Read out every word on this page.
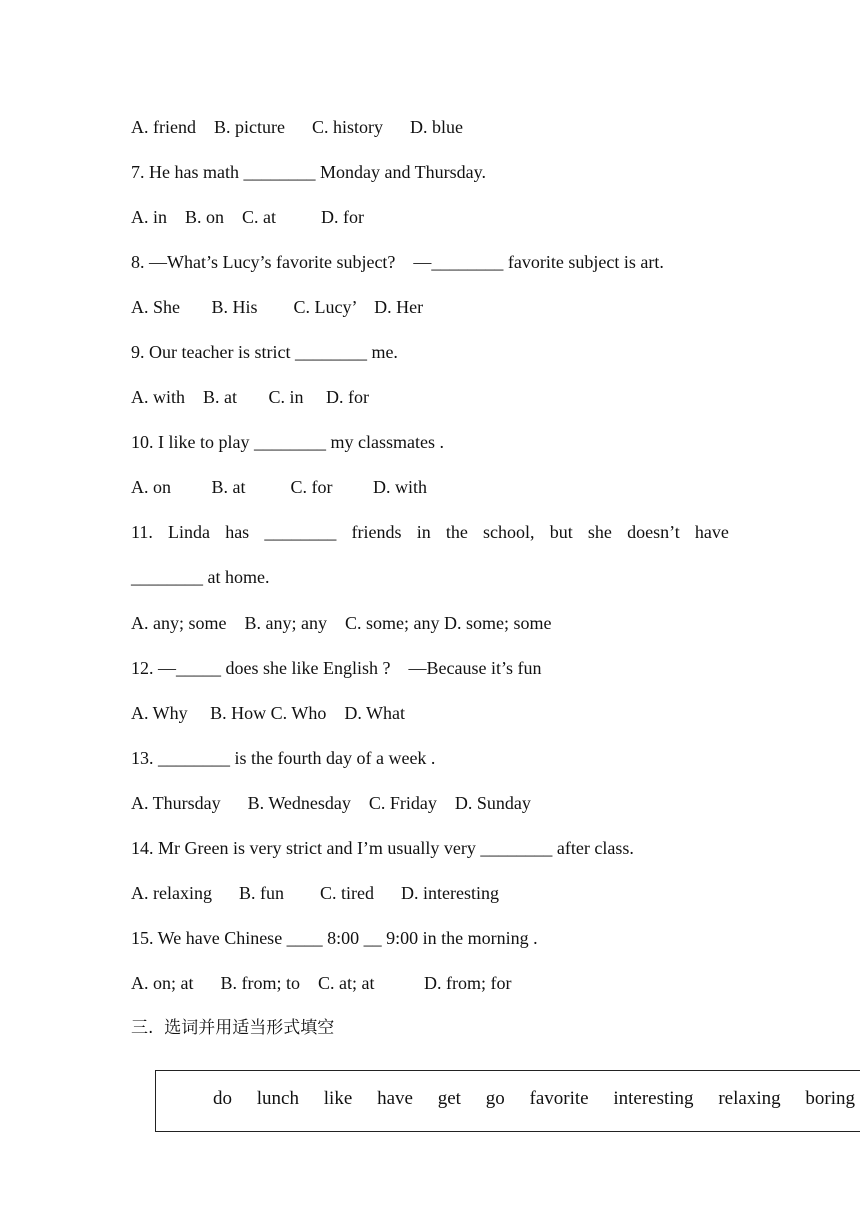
A. friend    B. picture      C. history      D. blue
7. He has math ________ Monday and Thursday.
A. in    B. on    C. at          D. for
8. —What’s Lucy’s favorite subject?    —________ favorite subject is art.
A. She       B. His        C. Lucy’    D. Her
9. Our teacher is strict ________ me.
A. with    B. at       C. in     D. for
10. I like to play ________ my classmates .
A. on         B. at          C. for         D. with
11. Linda has ________ friends in the school, but she doesn’t have
________ at home.
A. any; some    B. any; any    C. some; any D. some; some
12. —_____ does she like English ?    —Because it’s fun
A. Why     B. How C. Who    D. What
13. ________ is the fourth day of a week .
A. Thursday      B. Wednesday    C. Friday    D. Sunday
14. Mr Green is very strict and I’m usually very ________ after class.
A. relaxing      B. fun        C. tired      D. interesting
15. We have Chinese ____ 8:00 __ 9:00 in the morning .
A. on; at      B. from; to    C. at; at           D. from; for
三.  选词并用适当形式填空
do lunch like have get go favorite interesting relaxing boring
